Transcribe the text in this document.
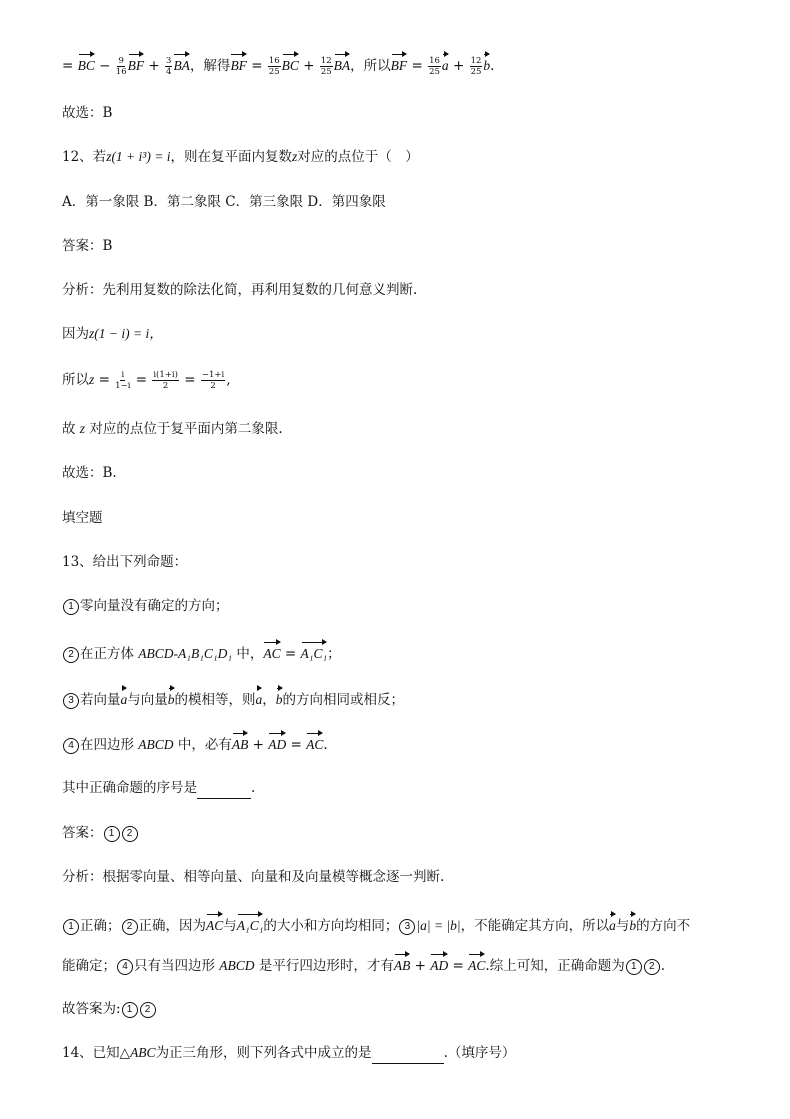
= BC − $\frac{9}{16}$ BF + $\frac{3}{4}$ BA，解得BF = $\frac{16}{25}$ BC + $\frac{12}{25}$ BA，所以BF = $\frac{16}{25}$ $a + \frac{12}{25} b$.
故选：B
12、若z(1 + i³) = i，则在复平面内复数z对应的点位于（　）
A．第一象限 B．第二象限 C．第三象限 D．第四象限
答案：B
分析：先利用复数的除法化简，再利用复数的几何意义判断.
因为z(1 − i) = i，
所以$z = \frac{i}{1-i} = \frac{i(1+i)}{2} = \frac{-1+i}{2}$ ,
故 z 对应的点位于复平面内第二象限.
故选：B.
填空题
13、给出下列命题：
1 零向量没有确定的方向；
2 在正方体 ABCD-A₁B₁C₁D₁ 中，AC = A₁C₁；
3 若向量a与向量b的模相等，则a，b的方向相同或相反；
4 在四边形 ABCD 中，必有AB + AD = AC.
其中正确命题的序号是	.
答案： 1 2
分析：根据零向量、相等向量、向量和及向量模等概念逐一判断.
1 正确； 2 正确，因为AC与A₁C₁的大小和方向均相同； 3 |a| = |b|，不能确定其方向，所以a与b的方向不
能确定； 4 只有当四边形 ABCD 是平行四边形时，才有AB + AD = AC.综上可知，正确命题为 1 2 .
故答案为: 1 2
14、已知△ABC为正三角形，则下列各式中成立的是	.（填序号）
